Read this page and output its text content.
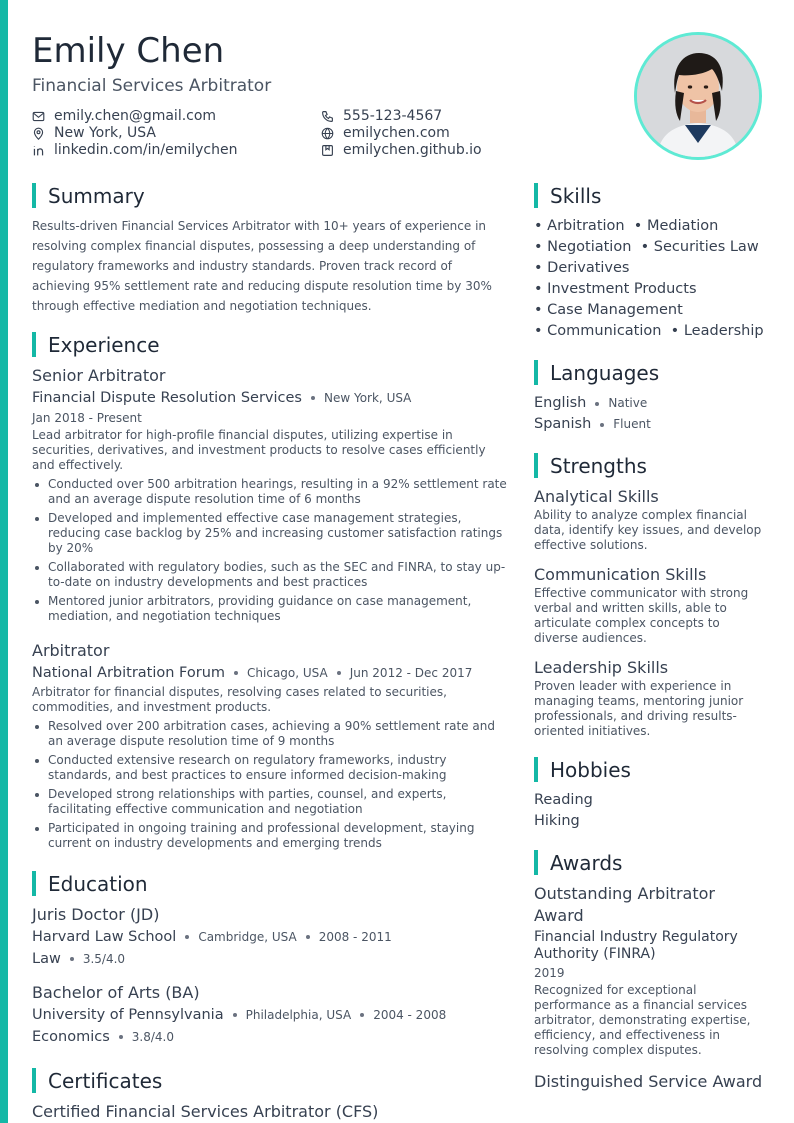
Emily Chen
Financial Services Arbitrator
emily.chen@gmail.com	555-123-4567
New York, USA	emilychen.com
linkedin.com/in/emilychen	emilychen.github.io
Summary

Results-driven Financial Services Arbitrator with 10+ years of experience in resolving complex financial disputes, possessing a deep understanding of regulatory frameworks and industry standards. Proven track record of achieving 95% settlement rate and reducing dispute resolution time by 30% through effective mediation and negotiation techniques.

Experience
Senior Arbitrator
Financial Dispute Resolution Services New York, USA
Jan 2018 - Present

Lead arbitrator for high-profile financial disputes, utilizing expertise in securities, derivatives, and investment products to resolve cases efficiently and effectively.

Conducted over 500 arbitration hearings, resulting in a 92% settlement rate and an average dispute resolution time of 6 months
Developed and implemented effective case management strategies, reducing case backlog by 25% and increasing customer satisfaction ratings by 20%
Collaborated with regulatory bodies, such as the SEC and FINRA, to stay up-to-date on industry developments and best practices
Mentored junior arbitrators, providing guidance on case management, mediation, and negotiation techniques
Arbitrator
National Arbitration Forum Chicago, USA Jun 2012 - Dec 2017

Arbitrator for financial disputes, resolving cases related to securities, commodities, and investment products.

Resolved over 200 arbitration cases, achieving a 90% settlement rate and an average dispute resolution time of 9 months
Conducted extensive research on regulatory frameworks, industry standards, and best practices to ensure informed decision-making
Developed strong relationships with parties, counsel, and experts, facilitating effective communication and negotiation
Participated in ongoing training and professional development, staying current on industry developments and emerging trends
Education
Juris Doctor (JD)
Harvard Law School Cambridge, USA 2008 - 2011
Law 3.5/4.0
Bachelor of Arts (BA)
University of Pennsylvania Philadelphia, USA 2004 - 2008
Economics 3.8/4.0
Certificates
Certified Financial Services Arbitrator (CFS)
Skills
• Arbitration  • Mediation
• Negotiation  • Securities Law
• Derivatives
• Investment Products
• Case Management
• Communication  • Leadership
Languages
English Native
Spanish Fluent
Strengths
Analytical Skills

Ability to analyze complex financial data, identify key issues, and develop effective solutions.

Communication Skills

Effective communicator with strong verbal and written skills, able to articulate complex concepts to diverse audiences.

Leadership Skills

Proven leader with experience in managing teams, mentoring junior professionals, and driving results-oriented initiatives.

Hobbies
Reading
Hiking
Awards
Outstanding Arbitrator Award
Financial Industry Regulatory Authority (FINRA)
2019

Recognized for exceptional performance as a financial services arbitrator, demonstrating expertise, efficiency, and effectiveness in resolving complex disputes.

Distinguished Service Award
